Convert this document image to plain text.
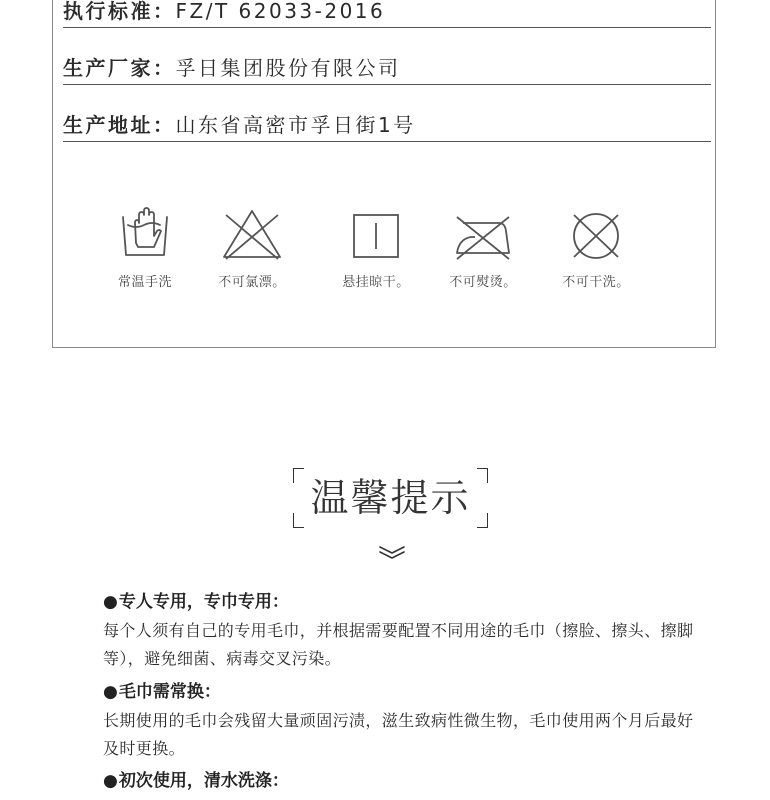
执行标准：FZ/T 62033-2016
生产厂家：孚日集团股份有限公司
生产地址：山东省高密市孚日街1号
常温手洗	不可氯漂。	悬挂晾干。	不可熨烫。	不可干洗。
温馨提示
●专人专用，专巾专用：
每个人须有自己的专用毛巾，并根据需要配置不同用途的毛巾（擦脸、擦头、擦脚等），避免细菌、病毒交叉污染。
●毛巾需常换：
长期使用的毛巾会残留大量顽固污渍，滋生致病性微生物，毛巾使用两个月后最好及时更换。
●初次使用，清水洗涤：
